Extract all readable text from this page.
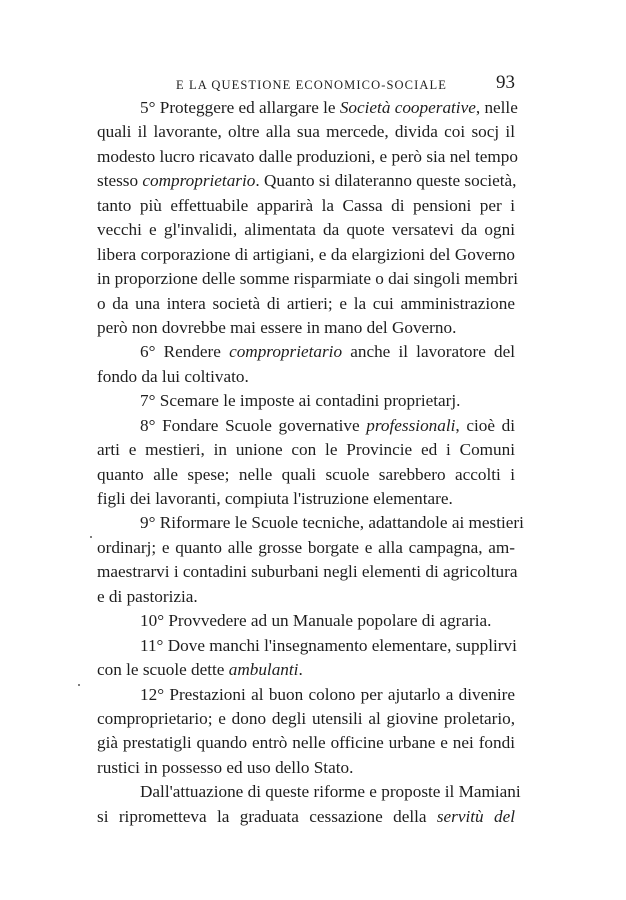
E LA QUESTIONE ECONOMICO-SOCIALE	93
5° Proteggere ed allargare le Società cooperative, nelle
quali il lavorante, oltre alla sua mercede, divida coi socj il
modesto lucro ricavato dalle produzioni, e però sia nel tempo
stesso comproprietario. Quanto si dilateranno queste società,
tanto più effettuabile apparirà la Cassa di pensioni per i
vecchi e gl'invalidi, alimentata da quote versatevi da ogni
libera corporazione di artigiani, e da elargizioni del Governo
in proporzione delle somme risparmiate o dai singoli membri
o da una intera società di artieri; e la cui amministrazione
però non dovrebbe mai essere in mano del Governo.
6° Rendere comproprietario anche il lavoratore del
fondo da lui coltivato.
7° Scemare le imposte ai contadini proprietarj.
8° Fondare Scuole governative professionali, cioè di
arti e mestieri, in unione con le Provincie ed i Comuni
quanto alle spese; nelle quali scuole sarebbero accolti i
figli dei lavoranti, compiuta l'istruzione elementare.
9° Riformare le Scuole tecniche, adattandole ai mestieri
ordinarj; e quanto alle grosse borgate e alla campagna, am-
maestrarvi i contadini suburbani negli elementi di agricoltura
e di pastorizia.
10° Provvedere ad un Manuale popolare di agraria.
11° Dove manchi l'insegnamento elementare, supplirvi
con le scuole dette ambulanti.
12° Prestazioni al buon colono per ajutarlo a divenire
comproprietario; e dono degli utensili al giovine proletario,
già prestatigli quando entrò nelle officine urbane e nei fondi
rustici in possesso ed uso dello Stato.
Dall'attuazione di queste riforme e proposte il Mamiani
si riprometteva la graduata cessazione della servitù del
